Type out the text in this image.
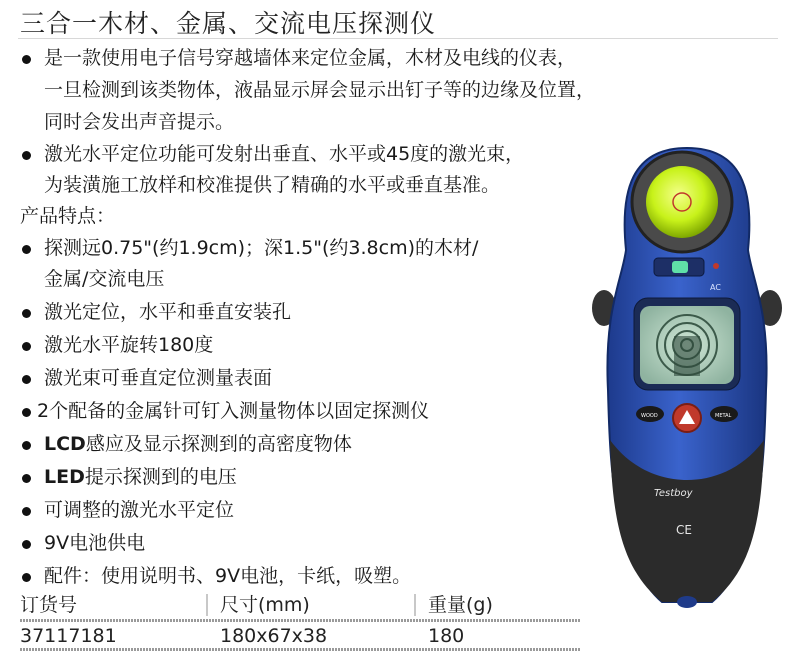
三合一木材、金属、交流电压探测仪
是一款使用电子信号穿越墙体来定位金属，木材及电线的仪表，
一旦检测到该类物体，液晶显示屏会显示出钉子等的边缘及位置，
同时会发出声音提示。
激光水平定位功能可发射出垂直、水平或45度的激光束，
为装潢施工放样和校准提供了精确的水平或垂直基准。
产品特点：
探测远0.75"(约1.9cm)；深1.5"(约3.8cm)的木材/
金属/交流电压
激光定位，水平和垂直安装孔
激光水平旋转180度
激光束可垂直定位测量表面
2个配备的金属针可钉入测量物体以固定探测仪
LCD感应及显示探测到的高密度物体
LED提示探测到的电压
可调整的激光水平定位
9V电池供电
配件：使用说明书、9V电池，卡纸，吸塑。
订货号	尺寸(mm)	重量(g)
37117181	180x67x38	180
AC
WOOD	METAL
Testboy
CE
